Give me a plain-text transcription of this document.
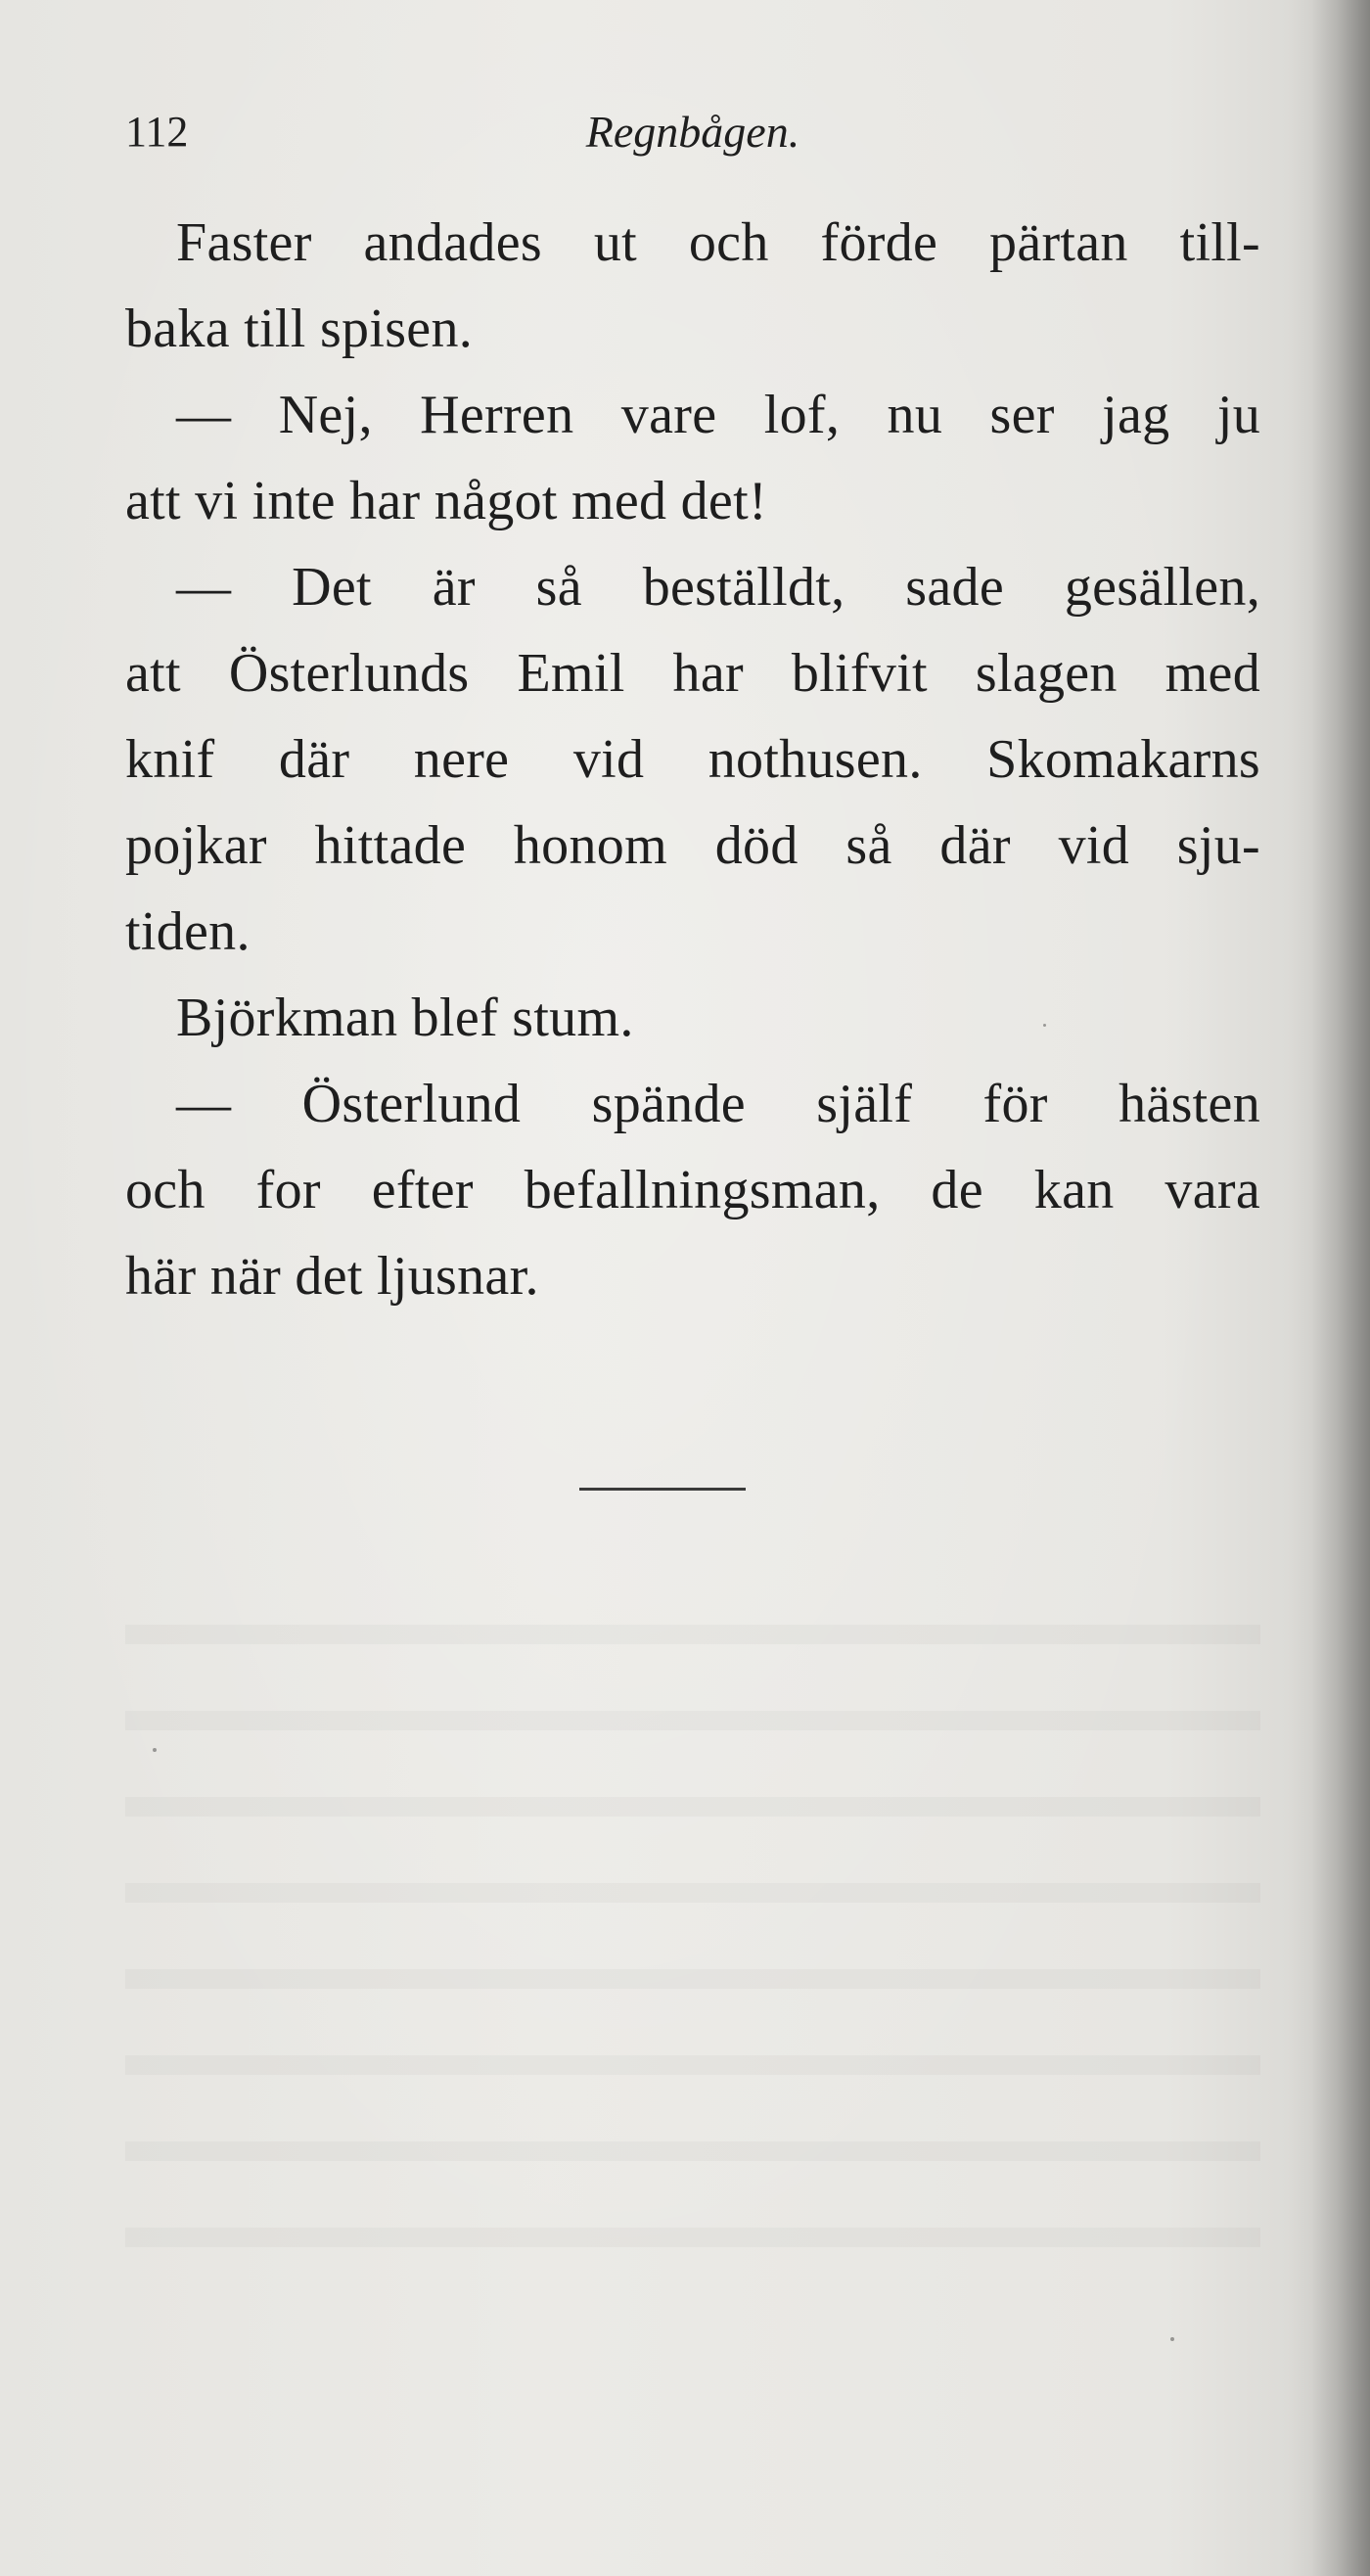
112	Regnbågen.
Faster andades ut och förde pärtan till-
baka till spisen.
— Nej, Herren vare lof, nu ser jag ju
att vi inte har något med det!
— Det är så beställdt, sade gesällen,
att Österlunds Emil har blifvit slagen med
knif där nere vid nothusen. Skomakarns
pojkar hittade honom död så där vid sju-
tiden.
Björkman blef stum.
— Österlund spände själf för hästen
och for efter befallningsman, de kan vara
här när det ljusnar.
